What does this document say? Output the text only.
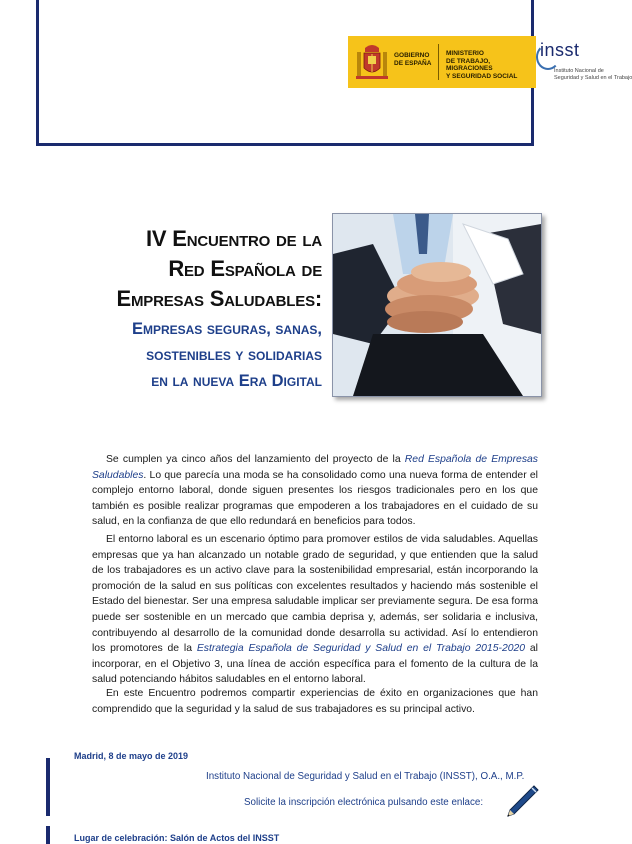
GOBIERNO
DE ESPAÑA
MINISTERIO
DE TRABAJO, MIGRACIONES
Y SEGURIDAD SOCIAL
insst
Instituto Nacional de
Seguridad y Salud en el Trabajo
IV Encuentro de la
Red Española de
Empresas Saludables:
Empresas seguras, sanas,
sostenibles y solidarias
en la nueva Era Digital
Se cumplen ya cinco años del lanzamiento del proyecto de la Red Española de Empresas Saludables. Lo que parecía una moda se ha consolidado como una nueva forma de entender el complejo entorno laboral, donde siguen presentes los riesgos tradicionales pero en los que también es posible realizar programas que empoderen a los trabajadores en el cuidado de su salud, en la confianza de que ello redundará en beneficios para todos.
El entorno laboral es un escenario óptimo para promover estilos de vida saludables. Aquellas empresas que ya han alcanzado un notable grado de seguridad, y que entienden que la salud de los trabajadores es un activo clave para la sostenibilidad empresarial, están incorporando la promoción de la salud en sus políticas con excelentes resultados y haciendo más sostenible el Estado del bienestar. Ser una empresa saludable implicar ser previamente segura. De esa forma puede ser sostenible en un mercado que cambia deprisa y, además, ser solidaria e inclusiva, contribuyendo al desarrollo de la comunidad donde desarrolla su actividad. Así lo entendieron los promotores de la Estrategia Española de Seguridad y Salud en el Trabajo 2015-2020 al incorporar, en el Objetivo 3, una línea de acción específica para el fomento de la cultura de la salud potenciando hábitos saludables en el entorno laboral.
En este Encuentro podremos compartir experiencias de éxito en organizaciones que han comprendido que la seguridad y la salud de sus trabajadores es su principal activo.
Madrid, 8 de mayo de 2019
Instituto Nacional de Seguridad y Salud en el Trabajo (INSST), O.A., M.P.
Solicite la inscripción electrónica pulsando este enlace:
Lugar de celebración: Salón de Actos del INSST
